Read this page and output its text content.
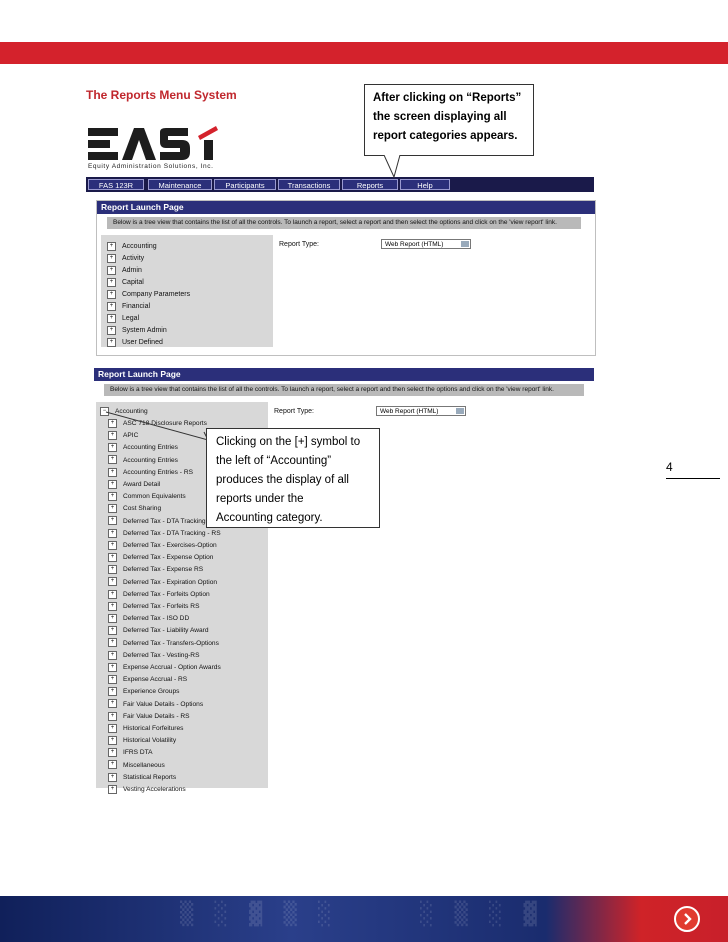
The Reports Menu System
Equity Administration Solutions, Inc.
FAS 123R	Maintenance	Participants	Transactions	Reports	Help
After clicking on “Reports”
the screen displaying all
report categories appears.
Report Launch Page
Below is a tree view that contains the list of all the controls. To launch a report, select a report and then select the options and click on the 'view report' link.
Report Type:	Web Report (HTML)
+ Accounting
+ Activity
+ Admin
+ Capital
+ Company Parameters
+ Financial
+ Legal
+ System Admin
+ User Defined
Report Launch Page
Below is a tree view that contains the list of all the controls. To launch a report, select a report and then select the options and click on the 'view report' link.
Report Type:	Web Report (HTML)
− Accounting
+ ASC 718 Disclosure Reports
+ APIC
+ Accounting Entries
+ Accounting Entries
+ Accounting Entries - RS
+ Award Detail
+ Common Equivalents
+ Cost Sharing
+ Deferred Tax - DTA Tracking
+ Deferred Tax - DTA Tracking - RS
+ Deferred Tax - Exercises-Option
+ Deferred Tax - Expense Option
+ Deferred Tax - Expense RS
+ Deferred Tax - Expiration Option
+ Deferred Tax - Forfeits Option
+ Deferred Tax - Forfeits RS
+ Deferred Tax - ISO DD
+ Deferred Tax - Liability Award
+ Deferred Tax - Transfers-Options
+ Deferred Tax - Vesting-RS
+ Expense Accrual - Option Awards
+ Expense Accrual - RS
+ Experience Groups
+ Fair Value Details - Options
+ Fair Value Details - RS
+ Historical Forfeitures
+ Historical Volatility
+ IFRS DTA
+ Miscellaneous
+ Statistical Reports
+ Vesting Accelerations
Clicking on the [+] symbol to
the left of “Accounting”
produces the display of all
reports under the
Accounting category.
4
▒ ░ ▓ ▒ ░	░ ▒ ░ ▓
